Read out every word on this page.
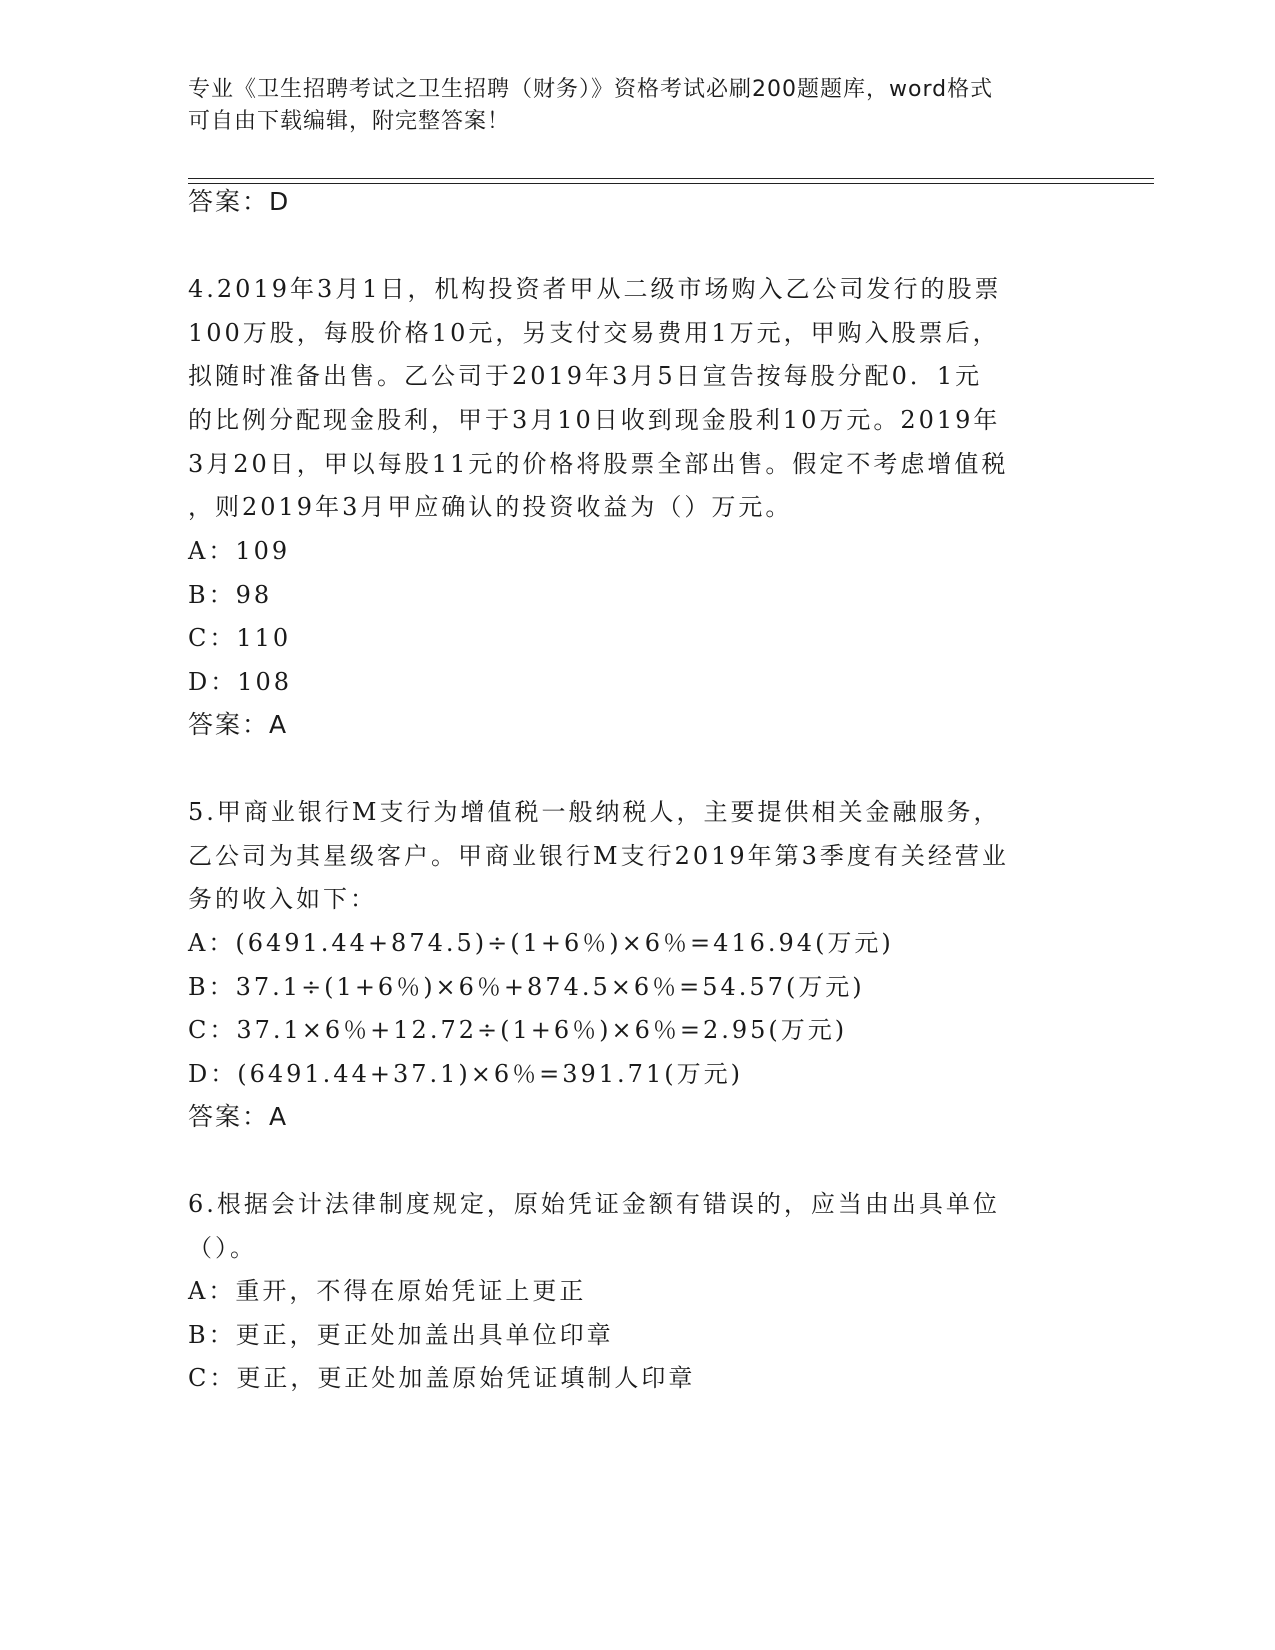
专业《卫生招聘考试之卫生招聘（财务）》资格考试必刷200题题库，word格式
可自由下载编辑，附完整答案！
答案：D
4.2019年3月1日，机构投资者甲从二级市场购入乙公司发行的股票
100万股，每股价格10元，另支付交易费用1万元，甲购入股票后，
拟随时准备出售。乙公司于2019年3月5日宣告按每股分配0．1元
的比例分配现金股利，甲于3月10日收到现金股利10万元。2019年
3月20日，甲以每股11元的价格将股票全部出售。假定不考虑增值税
，则2019年3月甲应确认的投资收益为（）万元。
A：109
B：98
C：110
D：108
答案：A
5.甲商业银行M支行为增值税一般纳税人，主要提供相关金融服务，
乙公司为其星级客户。甲商业银行M支行2019年第3季度有关经营业
务的收入如下：
A：(6491.44+874.5)÷(1+6％)×6％=416.94(万元)
B：37.1÷(1+6％)×6％+874.5×6％=54.57(万元)
C：37.1×6％+12.72÷(1+6％)×6％=2.95(万元)
D：(6491.44+37.1)×6％=391.71(万元)
答案：A
6.根据会计法律制度规定，原始凭证金额有错误的，应当由出具单位
（）。
A：重开，不得在原始凭证上更正
B：更正，更正处加盖出具单位印章
C：更正，更正处加盖原始凭证填制人印章
